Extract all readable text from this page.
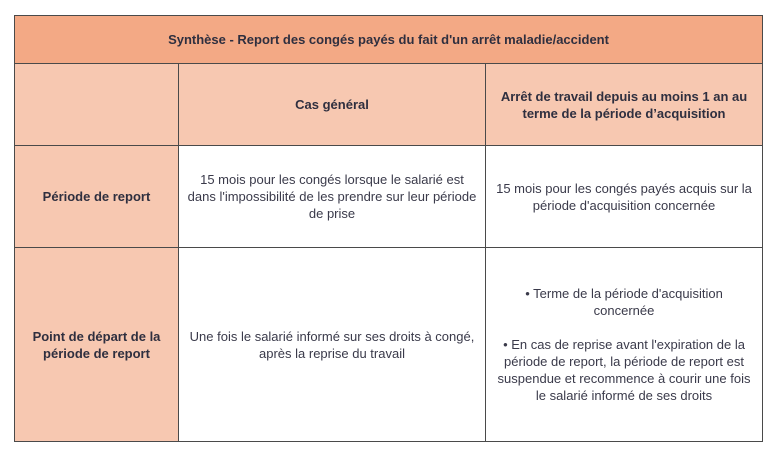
Synthèse - Report des congés payés du fait d'un arrêt maladie/accident		
	Cas général	Arrêt de travail depuis au moins 1 an au terme de la période d’acquisition
Période de report	15 mois pour les congés lorsque le salarié est dans l'impossibilité de les prendre sur leur période de prise	15 mois pour les congés payés acquis sur la période d'acquisition concernée

Point de départ de la période de report	Une fois le salarié informé sur ses droits à congé, après la reprise du travail	• Terme de la période d'acquisition concernée
• En cas de reprise avant l'expiration de la période de report, la période de report est suspendue et recommence à courir une fois le salarié informé de ses droits
